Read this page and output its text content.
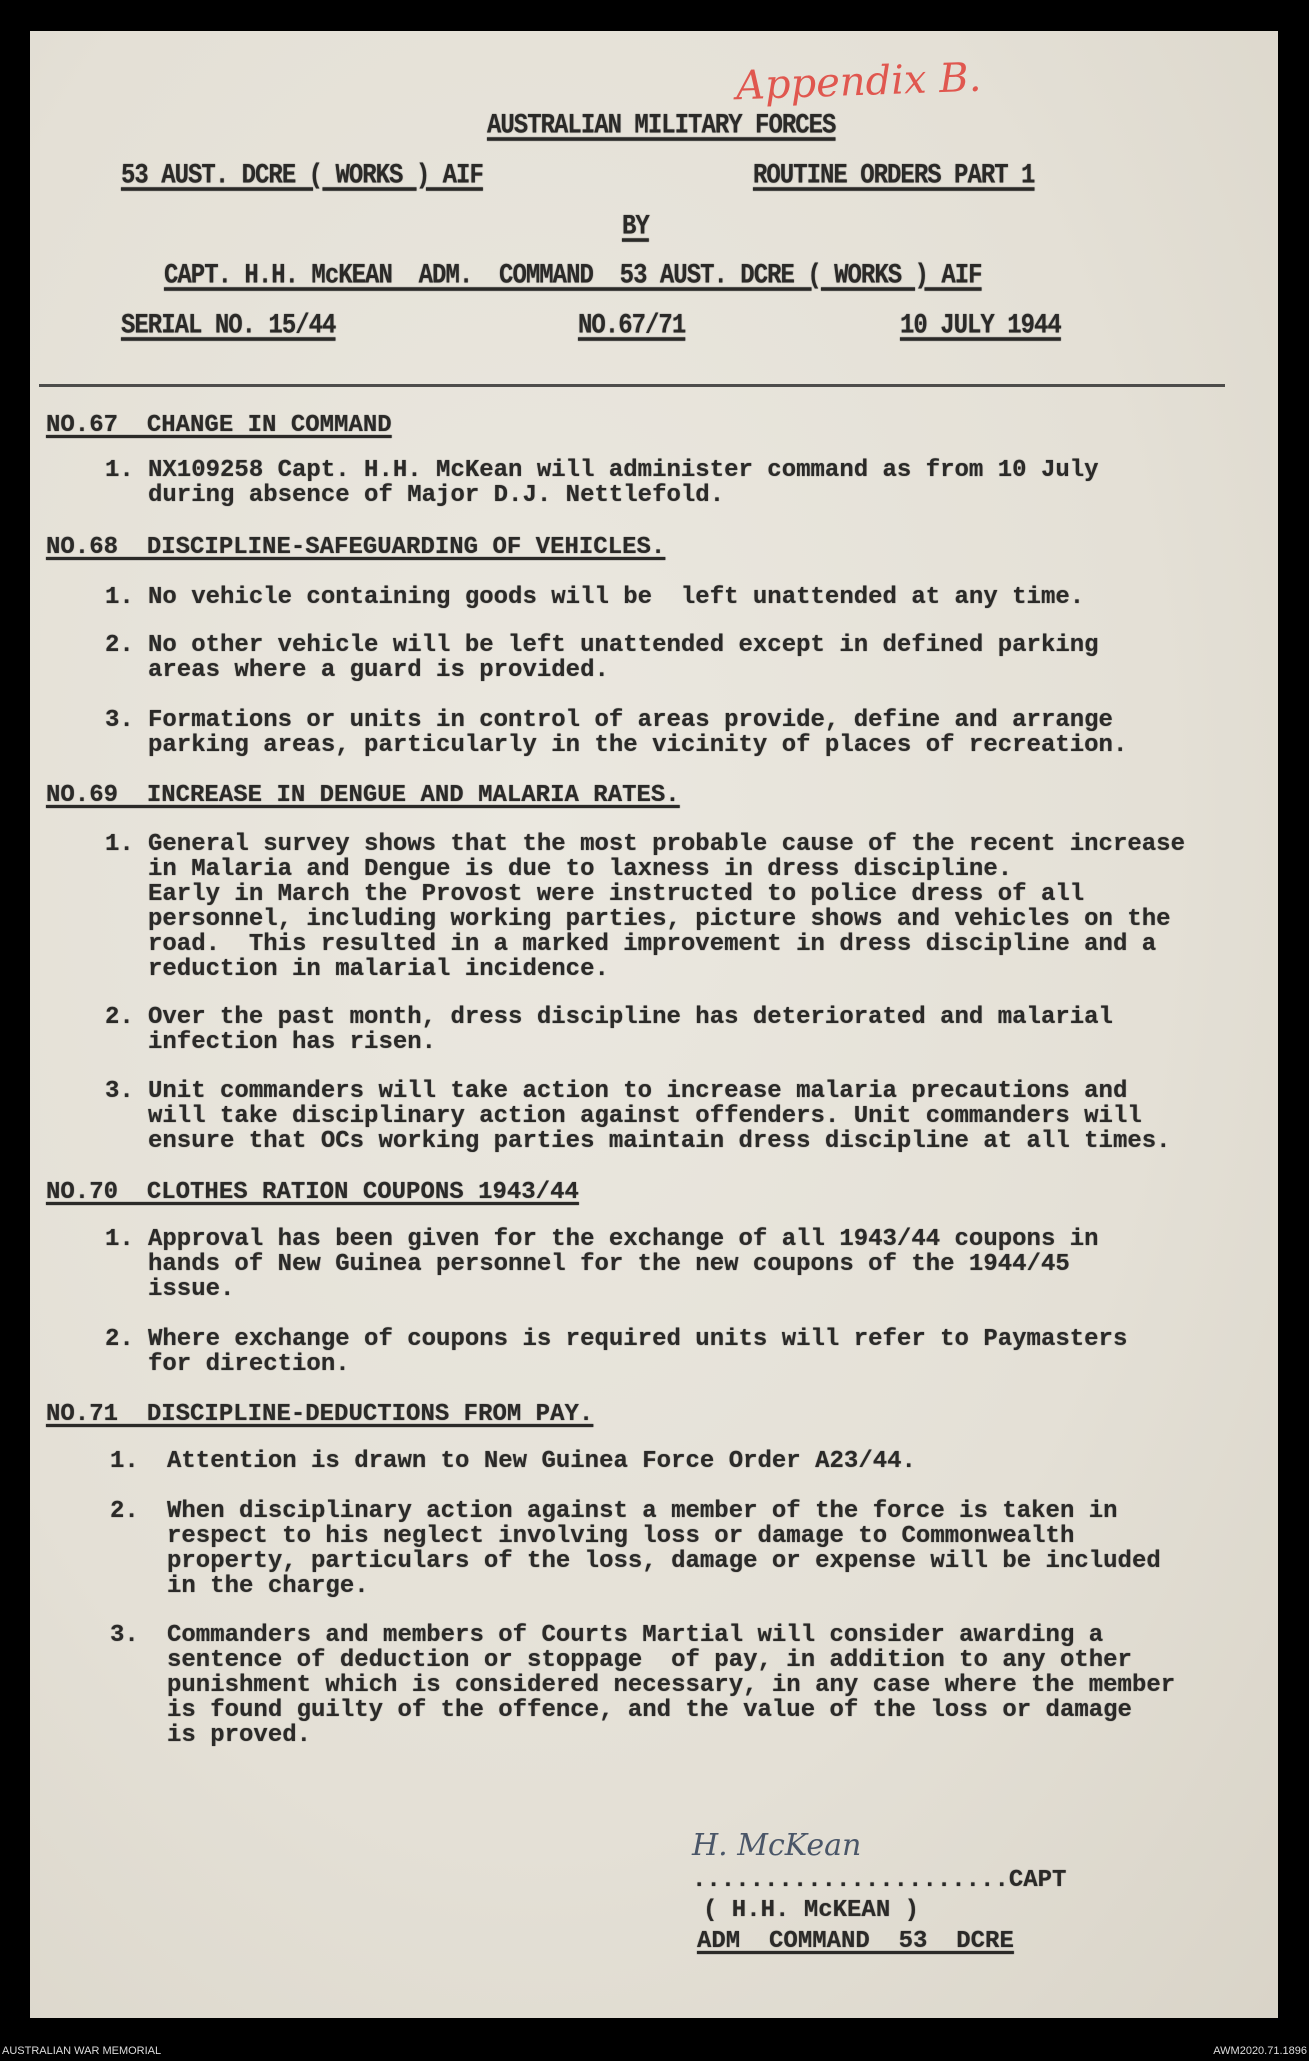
Appendix B.
AUSTRALIAN MILITARY FORCES
53 AUST. DCRE ( WORKS ) AIF	ROUTINE ORDERS PART 1
BY
CAPT. H.H. McKEAN  ADM.  COMMAND  53 AUST. DCRE ( WORKS ) AIF
SERIAL NO. 15/44	NO.67/71	10 JULY 1944
NO.67  CHANGE IN COMMAND
1. NX109258 Capt. H.H. McKean will administer command as from 10 July
during absence of Major D.J. Nettlefold.
NO.68  DISCIPLINE-SAFEGUARDING OF VEHICLES.
1. No vehicle containing goods will be  left unattended at any time.
2. No other vehicle will be left unattended except in defined parking
areas where a guard is provided.
3. Formations or units in control of areas provide, define and arrange
parking areas, particularly in the vicinity of places of recreation.
NO.69  INCREASE IN DENGUE AND MALARIA RATES.
1. General survey shows that the most probable cause of the recent increase
in Malaria and Dengue is due to laxness in dress discipline.
Early in March the Provost were instructed to police dress of all
personnel, including working parties, picture shows and vehicles on the
road.  This resulted in a marked improvement in dress discipline and a
reduction in malarial incidence.
2. Over the past month, dress discipline has deteriorated and malarial
infection has risen.
3. Unit commanders will take action to increase malaria precautions and
will take disciplinary action against offenders. Unit commanders will
ensure that OCs working parties maintain dress discipline at all times.
NO.70  CLOTHES RATION COUPONS 1943/44
1. Approval has been given for the exchange of all 1943/44 coupons in
hands of New Guinea personnel for the new coupons of the 1944/45
issue.
2. Where exchange of coupons is required units will refer to Paymasters
for direction.
NO.71  DISCIPLINE-DEDUCTIONS FROM PAY.
1. Attention is drawn to New Guinea Force Order A23/44.
2. When disciplinary action against a member of the force is taken in
respect to his neglect involving loss or damage to Commonwealth
property, particulars of the loss, damage or expense will be included
in the charge.
3. Commanders and members of Courts Martial will consider awarding a
sentence of deduction or stoppage  of pay, in addition to any other
punishment which is considered necessary, in any case where the member
is found guilty of the offence, and the value of the loss or damage
is proved.
H. McKean
......................CAPT
( H.H. McKEAN )
ADM  COMMAND  53  DCRE
AUSTRALIAN WAR MEMORIAL	AWM2020.71.1896
